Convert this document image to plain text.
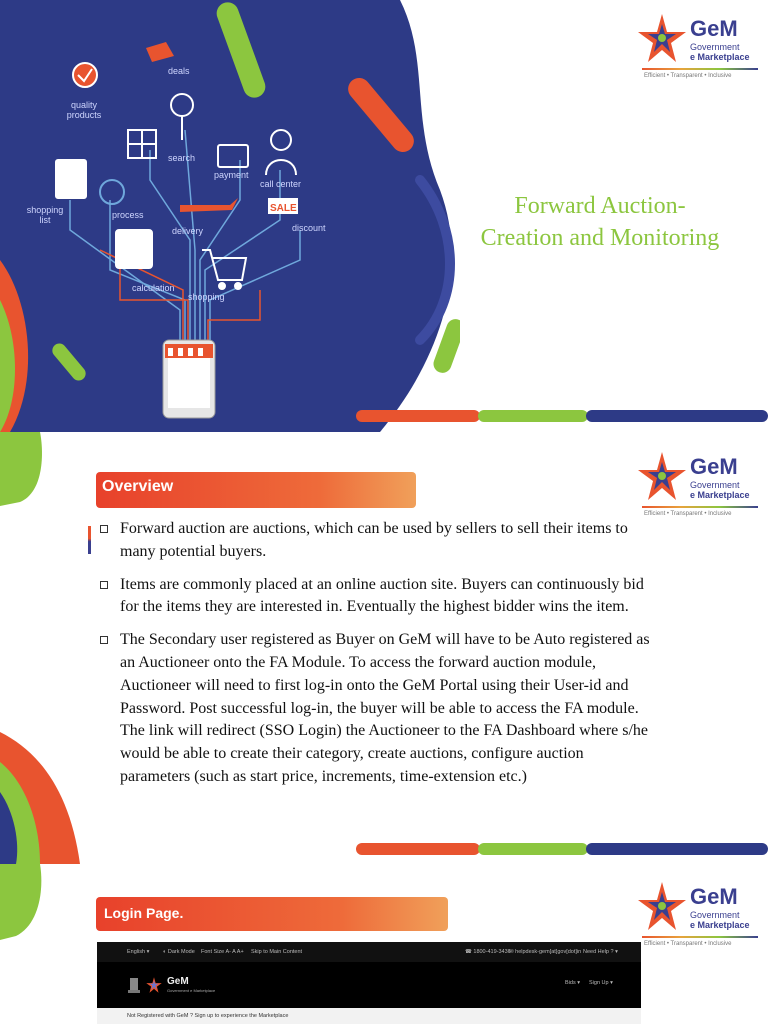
SALE
deals
quality products
search
payment
call center
shopping list	process
delivery	discount
calculation
shopping
GeM
Government
e Marketplace
Efficient • Transparent • Inclusive
Forward Auction-
Creation and Monitoring
GeM
Government
e Marketplace
Efficient • Transparent • Inclusive
Overview
Forward auction are auctions, which can be used by sellers to sell their items to many potential buyers.
Items are commonly placed at an online auction site. Buyers can continuously bid for the items they are interested in. Eventually the highest bidder wins the item.
The Secondary user registered as Buyer on GeM will have to be Auto registered as an Auctioneer onto the FA Module. To access the forward auction module, Auctioneer will need to first log-in onto the GeM Portal using their User-id and Password. Post successful log-in, the buyer will be able to access the FA module. The link will redirect (SSO Login) the Auctioneer to the FA Dashboard where s/he would be able to create their category, create auctions, configure auction parameters (such as start price, increments, time-extension etc.)
GeM
Government
e Marketplace
Efficient • Transparent • Inclusive
Login Page.
English ▾ ◐ Dark Mode Font Size A- A A+ Skip to Main Content	☎ 1800-419-3436
✉ helpdesk-gem[at]gov[dot]in Need Help ? ▾
GeM
Government e Marketplace
Bids ▾ Sign Up ▾
Not Registered with GeM ? Sign up to experience the Marketplace
